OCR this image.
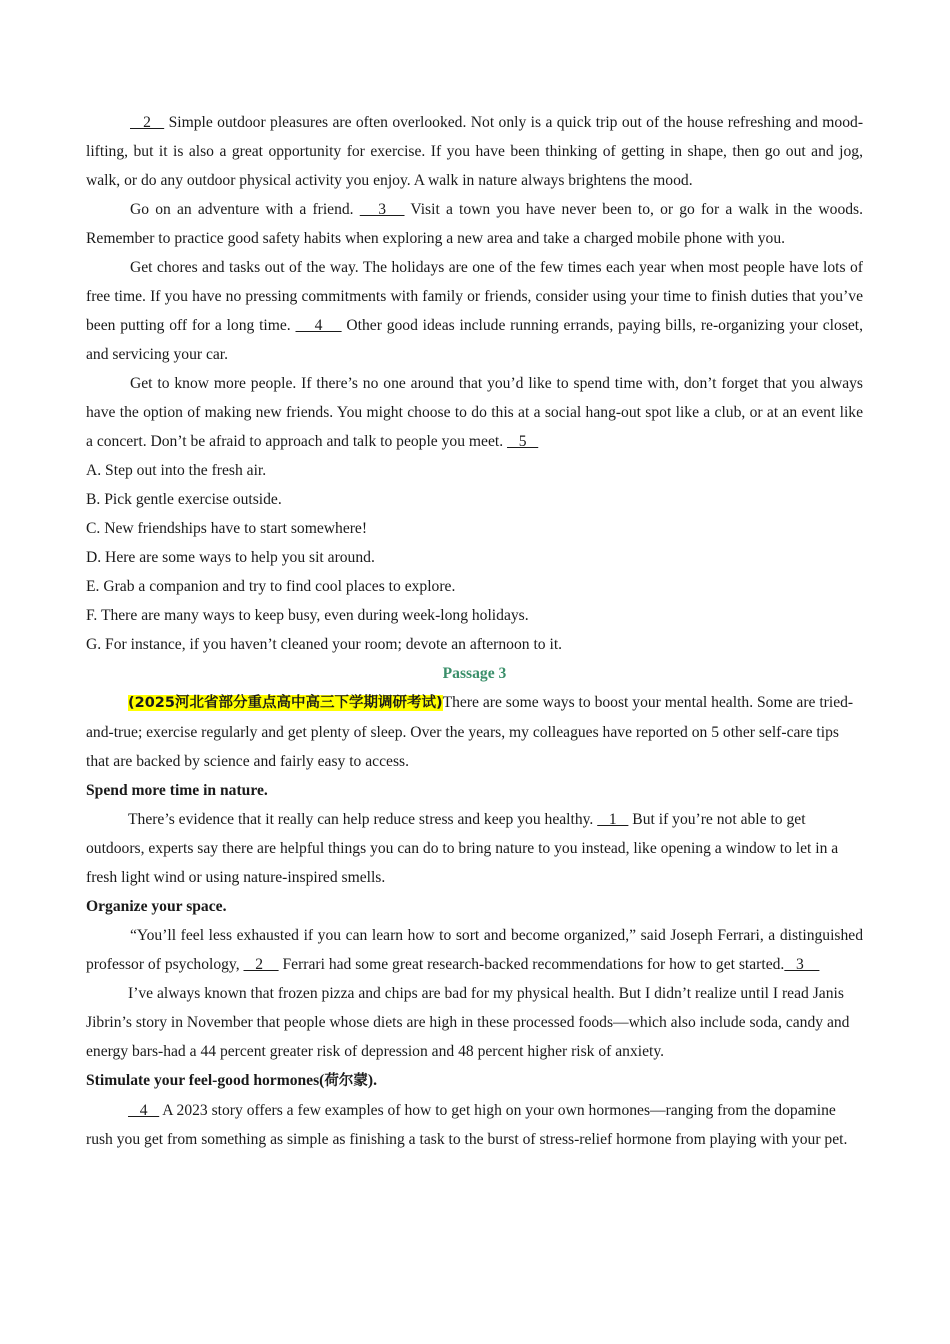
2    Simple outdoor pleasures are often overlooked. Not only is a quick trip out of the house refreshing and mood-lifting, but it is also a great opportunity for exercise. If you have been thinking of getting in shape, then go out and jog, walk, or do any outdoor physical activity you enjoy. A walk in nature always brightens the mood.

Go on an adventure with a friend.    3    Visit a town you have never been to, or go for a walk in the woods. Remember to practice good safety habits when exploring a new area and take a charged mobile phone with you.

Get chores and tasks out of the way. The holidays are one of the few times each year when most people have lots of free time. If you have no pressing commitments with family or friends, consider using your time to finish duties that you’ve been putting off for a long time.     4     Other good ideas include running errands, paying bills, re-organizing your closet, and servicing your car.

Get to know more people. If there’s no one around that you’d like to spend time with, don’t forget that you always have the option of making new friends. You might choose to do this at a social hang-out spot like a club, or at an event like a concert. Don’t be afraid to approach and talk to people you meet.    5

A. Step out into the fresh air.

B. Pick gentle exercise outside.

C. New friendships have to start somewhere!

D. Here are some ways to help you sit around.

E. Grab a companion and try to find cool places to explore.

F. There are many ways to keep busy, even during week-long holidays.

G. For instance, if you haven’t cleaned your room; devote an afternoon to it.

Passage 3

(2025河北省部分重点高中高三下学期调研考试)There are some ways to boost your mental health. Some are tried-and-true; exercise regularly and get plenty of sleep. Over the years, my colleagues have reported on 5 other self-care tips that are backed by science and fairly easy to access.

Spend more time in nature.

There’s evidence that it really can help reduce stress and keep you healthy.    1    But if you’re not able to get outdoors, experts say there are helpful things you can do to bring nature to you instead, like opening a window to let in a fresh light wind or using nature-inspired smells.

Organize your space.

“You’ll feel less exhausted if you can learn how to sort and become organized,” said Joseph Ferrari, a distinguished professor of psychology,    2     Ferrari had some great research-backed recommendations for how to get started.   3

I’ve always known that frozen pizza and chips are bad for my physical health. But I didn’t realize until I read Janis Jibrin’s story in November that people whose diets are high in these processed foods—which also include soda, candy and energy bars-had a 44 percent greater risk of depression and 48 percent higher risk of anxiety.

Stimulate your feel-good hormones(荷尔蒙).

4    A 2023 story offers a few examples of how to get high on your own hormones—ranging from the dopamine rush you get from something as simple as finishing a task to the burst of stress-relief hormone from playing with your pet.
